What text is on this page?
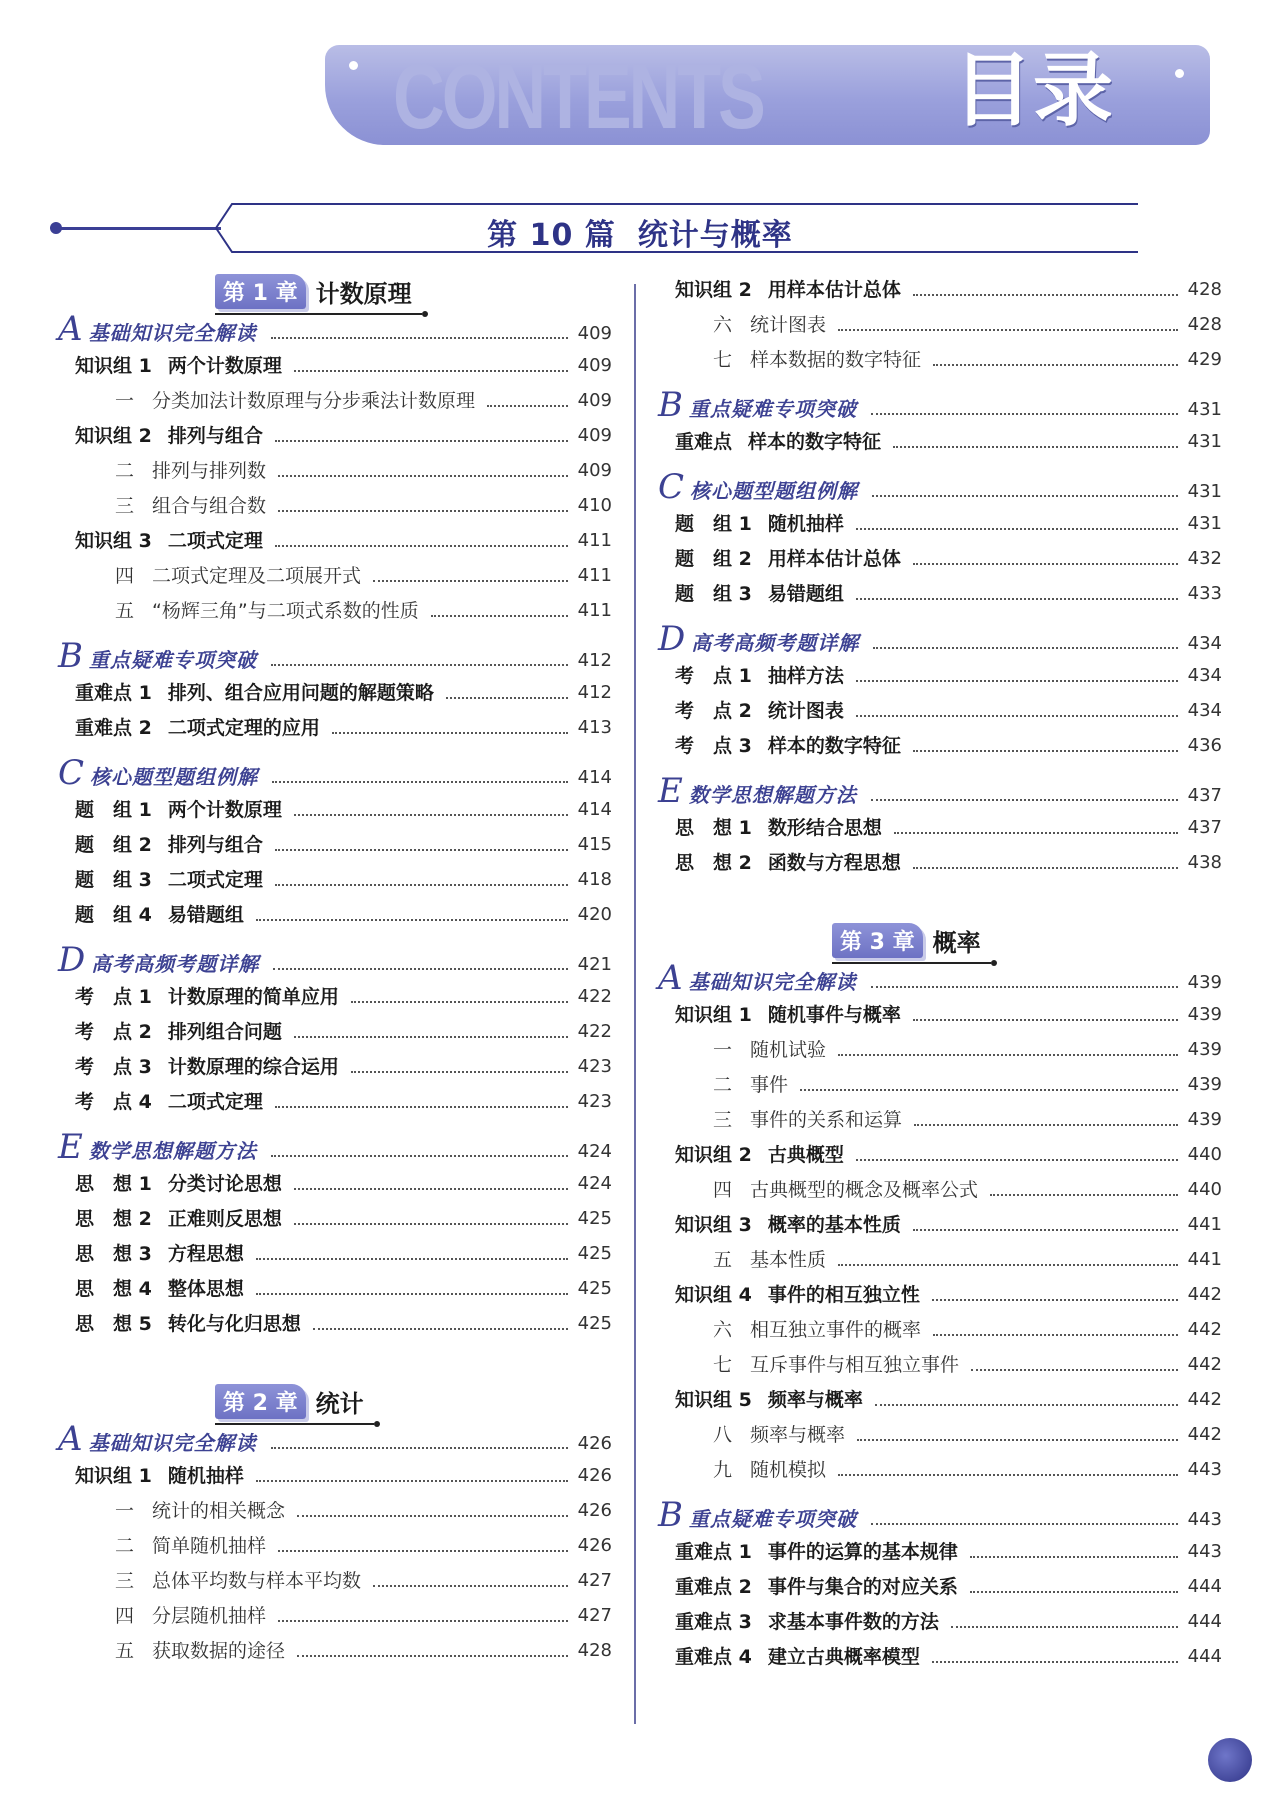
CONTENTS 目录
第 10 篇 统计与概率
第 1 章 计数原理
A 基础知识完全解读	409
知识组 1 两个计数原理	409
一 分类加法计数原理与分步乘法计数原理	409
知识组 2 排列与组合	409
二 排列与排列数	409
三 组合与组合数	410
知识组 3 二项式定理	411
四 二项式定理及二项展开式	411
五 “杨辉三角”与二项式系数的性质	411
B 重点疑难专项突破	412
重难点 1 排列、组合应用问题的解题策略	412
重难点 2 二项式定理的应用	413
C 核心题型题组例解	414
题　组 1 两个计数原理	414
题　组 2 排列与组合	415
题　组 3 二项式定理	418
题　组 4 易错题组	420
D 高考高频考题详解	421
考　点 1 计数原理的简单应用	422
考　点 2 排列组合问题	422
考　点 3 计数原理的综合运用	423
考　点 4 二项式定理	423
E 数学思想解题方法	424
思　想 1 分类讨论思想	424
思　想 2 正难则反思想	425
思　想 3 方程思想	425
思　想 4 整体思想	425
思　想 5 转化与化归思想	425
第 2 章 统计
A 基础知识完全解读	426
知识组 1 随机抽样	426
一 统计的相关概念	426
二 简单随机抽样	426
三 总体平均数与样本平均数	427
四 分层随机抽样	427
五 获取数据的途径	428
知识组 2 用样本估计总体	428
六 统计图表	428
七 样本数据的数字特征	429
B 重点疑难专项突破	431
重难点 样本的数字特征	431
C 核心题型题组例解	431
题　组 1 随机抽样	431
题　组 2 用样本估计总体	432
题　组 3 易错题组	433
D 高考高频考题详解	434
考　点 1 抽样方法	434
考　点 2 统计图表	434
考　点 3 样本的数字特征	436
E 数学思想解题方法	437
思　想 1 数形结合思想	437
思　想 2 函数与方程思想	438
第 3 章 概率
A 基础知识完全解读	439
知识组 1 随机事件与概率	439
一 随机试验	439
二 事件	439
三 事件的关系和运算	439
知识组 2 古典概型	440
四 古典概型的概念及概率公式	440
知识组 3 概率的基本性质	441
五 基本性质	441
知识组 4 事件的相互独立性	442
六 相互独立事件的概率	442
七 互斥事件与相互独立事件	442
知识组 5 频率与概率	442
八 频率与概率	442
九 随机模拟	443
B 重点疑难专项突破	443
重难点 1 事件的运算的基本规律	443
重难点 2 事件与集合的对应关系	444
重难点 3 求基本事件数的方法	444
重难点 4 建立古典概率模型	444
